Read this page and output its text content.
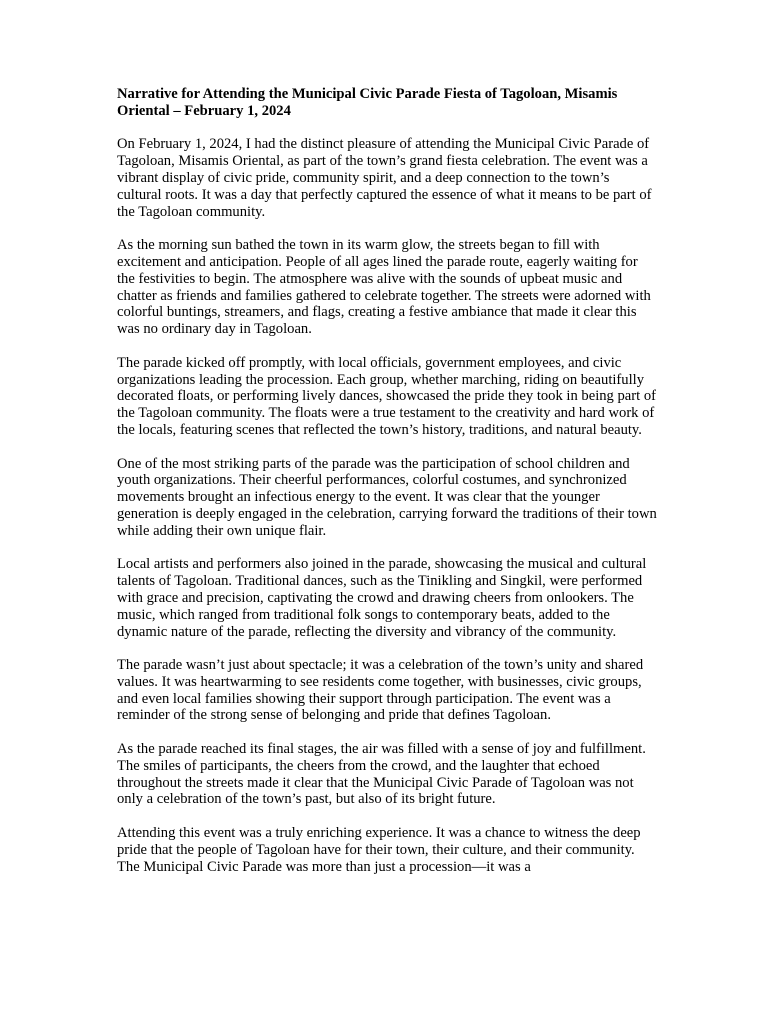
Narrative for Attending the Municipal Civic Parade Fiesta of Tagoloan, Misamis Oriental – February 1, 2024

On February 1, 2024, I had the distinct pleasure of attending the Municipal Civic Parade of Tagoloan, Misamis Oriental, as part of the town’s grand fiesta celebration. The event was a vibrant display of civic pride, community spirit, and a deep connection to the town’s cultural roots. It was a day that perfectly captured the essence of what it means to be part of the Tagoloan community.

As the morning sun bathed the town in its warm glow, the streets began to fill with excitement and anticipation. People of all ages lined the parade route, eagerly waiting for the festivities to begin. The atmosphere was alive with the sounds of upbeat music and chatter as friends and families gathered to celebrate together. The streets were adorned with colorful buntings, streamers, and flags, creating a festive ambiance that made it clear this was no ordinary day in Tagoloan.

The parade kicked off promptly, with local officials, government employees, and civic organizations leading the procession. Each group, whether marching, riding on beautifully decorated floats, or performing lively dances, showcased the pride they took in being part of the Tagoloan community. The floats were a true testament to the creativity and hard work of the locals, featuring scenes that reflected the town’s history, traditions, and natural beauty.

One of the most striking parts of the parade was the participation of school children and youth organizations. Their cheerful performances, colorful costumes, and synchronized movements brought an infectious energy to the event. It was clear that the younger generation is deeply engaged in the celebration, carrying forward the traditions of their town while adding their own unique flair.

Local artists and performers also joined in the parade, showcasing the musical and cultural talents of Tagoloan. Traditional dances, such as the Tinikling and Singkil, were performed with grace and precision, captivating the crowd and drawing cheers from onlookers. The music, which ranged from traditional folk songs to contemporary beats, added to the dynamic nature of the parade, reflecting the diversity and vibrancy of the community.

The parade wasn’t just about spectacle; it was a celebration of the town’s unity and shared values. It was heartwarming to see residents come together, with businesses, civic groups, and even local families showing their support through participation. The event was a reminder of the strong sense of belonging and pride that defines Tagoloan.

As the parade reached its final stages, the air was filled with a sense of joy and fulfillment. The smiles of participants, the cheers from the crowd, and the laughter that echoed throughout the streets made it clear that the Municipal Civic Parade of Tagoloan was not only a celebration of the town’s past, but also of its bright future.

Attending this event was a truly enriching experience. It was a chance to witness the deep pride that the people of Tagoloan have for their town, their culture, and their community. The Municipal Civic Parade was more than just a procession—it was a
